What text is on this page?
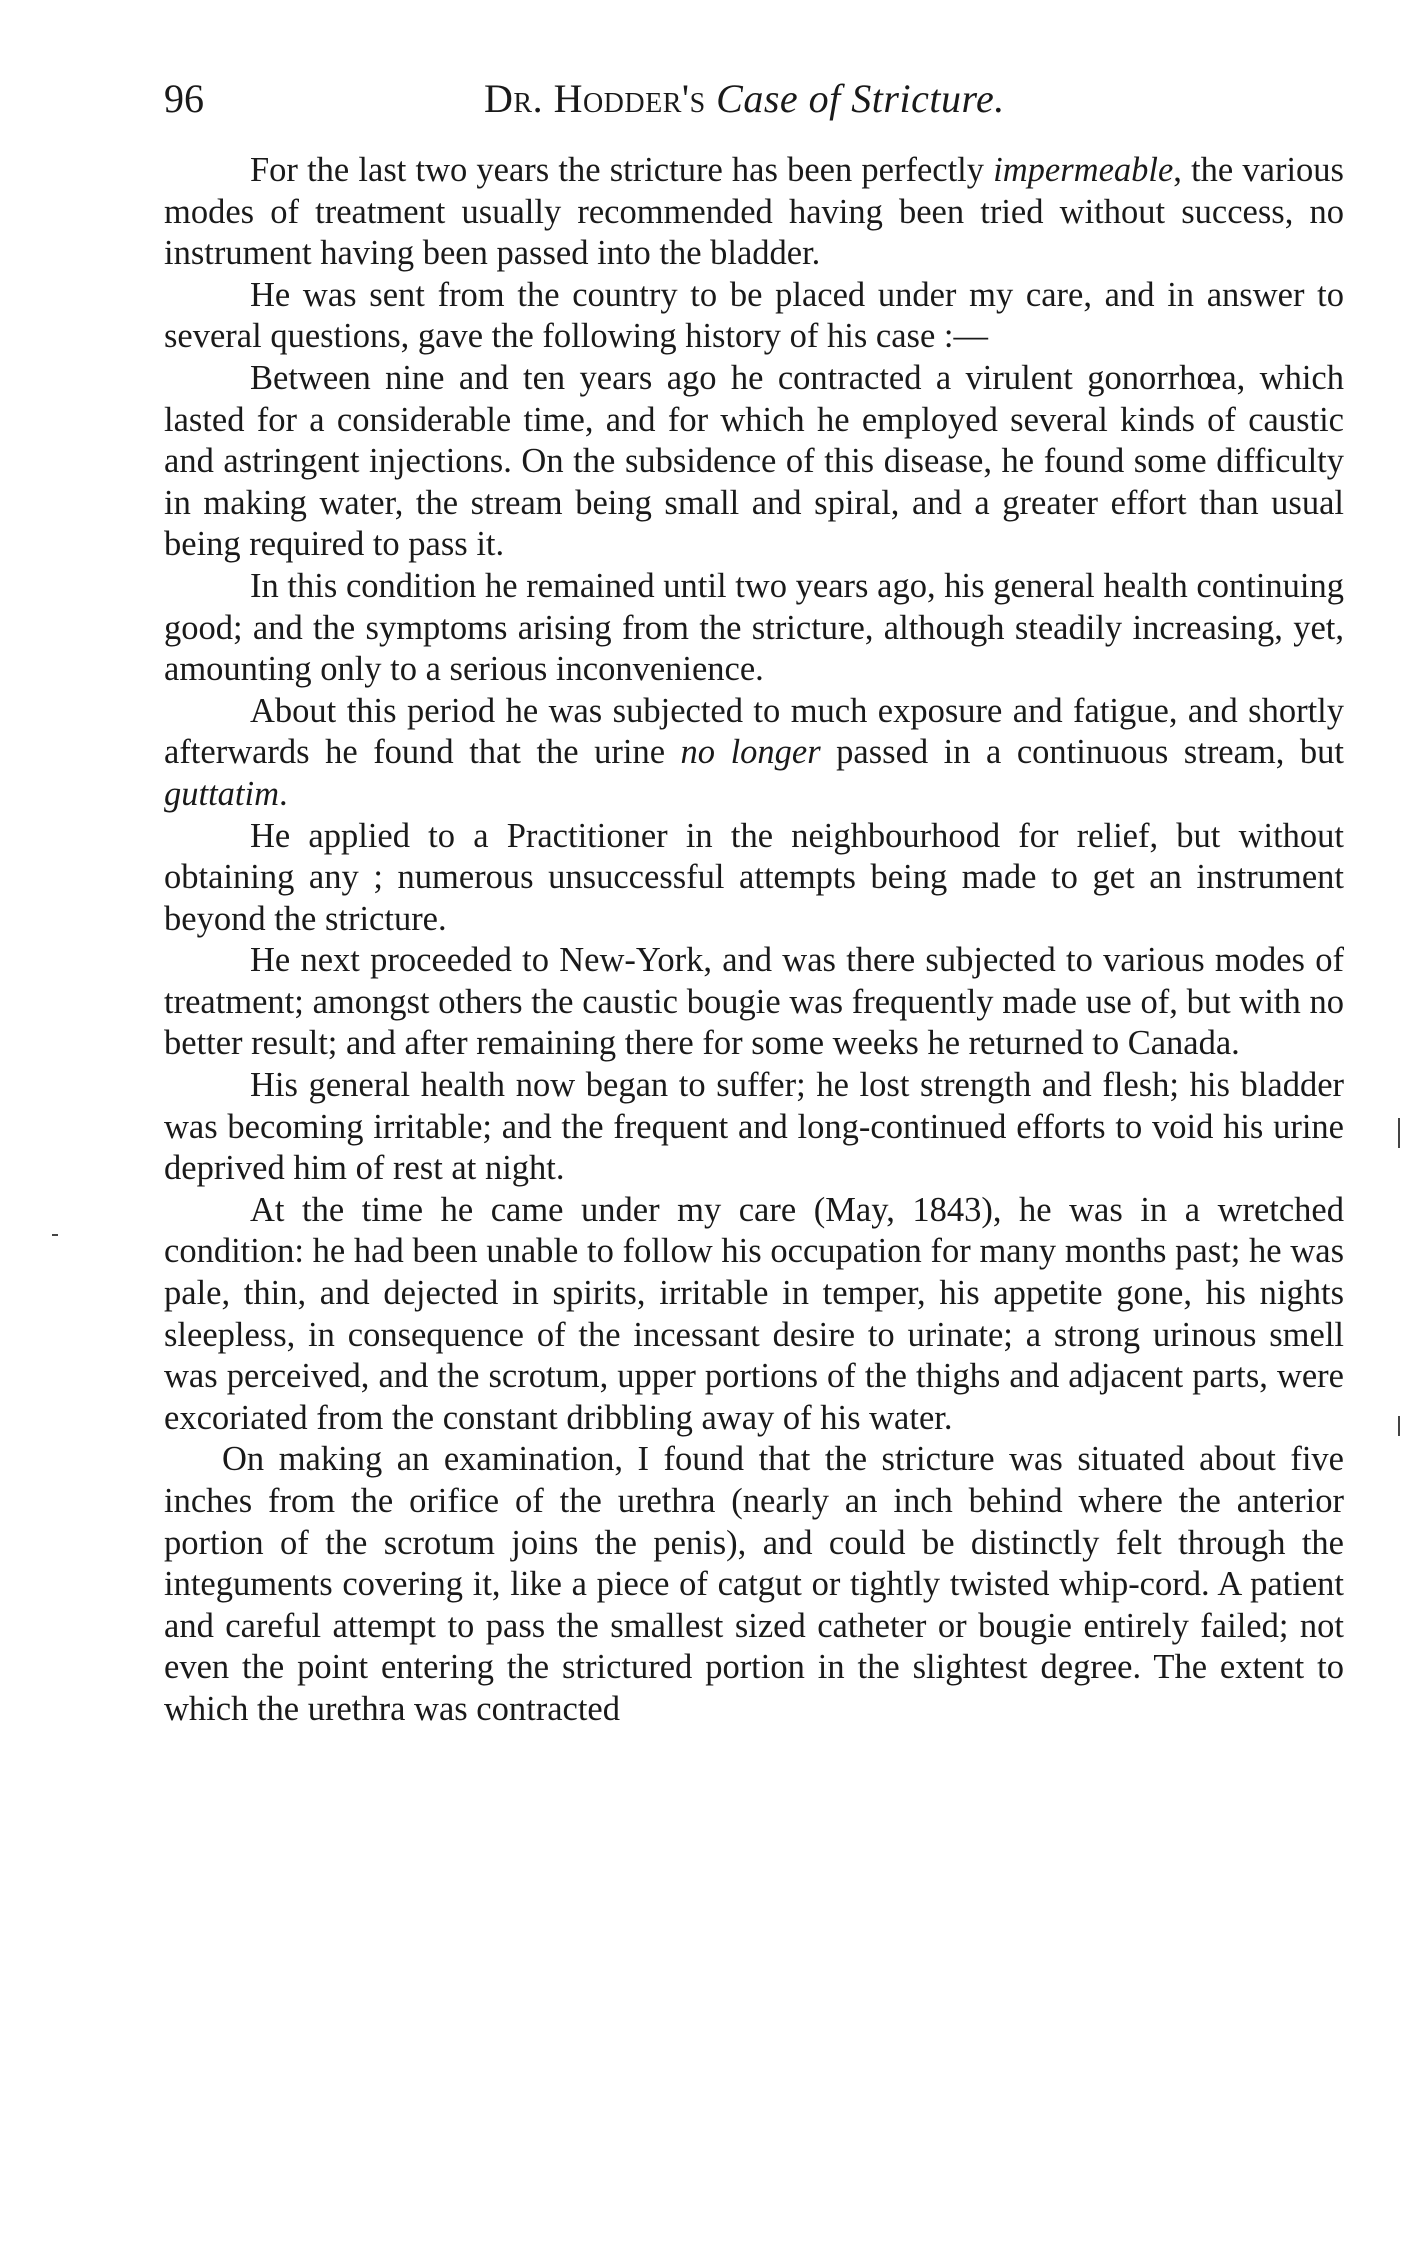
96	Dr. Hodder's Case of Stricture.

For the last two years the stricture has been perfectly impermeable, the various modes of treatment usually recommended having been tried without success, no instrument having been passed into the bladder.

He was sent from the country to be placed under my care, and in answer to several questions, gave the following history of his case :—

Between nine and ten years ago he contracted a virulent gonorrhœa, which lasted for a considerable time, and for which he employed several kinds of caustic and astringent injections. On the subsidence of this disease, he found some difficulty in making water, the stream being small and spiral, and a greater effort than usual being required to pass it.

In this condition he remained until two years ago, his general health continuing good; and the symptoms arising from the stricture, although steadily increasing, yet, amounting only to a serious inconvenience.

About this period he was subjected to much exposure and fatigue, and shortly afterwards he found that the urine no longer passed in a continuous stream, but guttatim.

He applied to a Practitioner in the neighbourhood for relief, but without obtaining any ; numerous unsuccessful attempts being made to get an instrument beyond the stricture.

He next proceeded to New-York, and was there subjected to various modes of treatment; amongst others the caustic bougie was frequently made use of, but with no better result; and after remaining there for some weeks he returned to Canada.

His general health now began to suffer; he lost strength and flesh; his bladder was becoming irritable; and the frequent and long-continued efforts to void his urine deprived him of rest at night.

At the time he came under my care (May, 1843), he was in a wretched condition: he had been unable to follow his occupation for many months past; he was pale, thin, and dejected in spirits, irritable in temper, his appetite gone, his nights sleepless, in consequence of the incessant desire to urinate; a strong urinous smell was perceived, and the scrotum, upper portions of the thighs and adjacent parts, were excoriated from the constant dribbling away of his water.

On making an examination, I found that the stricture was situated about five inches from the orifice of the urethra (nearly an inch behind where the anterior portion of the scrotum joins the penis), and could be distinctly felt through the integuments covering it, like a piece of catgut or tightly twisted whip-cord. A patient and careful attempt to pass the smallest sized catheter or bougie entirely failed; not even the point entering the strictured portion in the slightest degree. The extent to which the urethra was contracted
